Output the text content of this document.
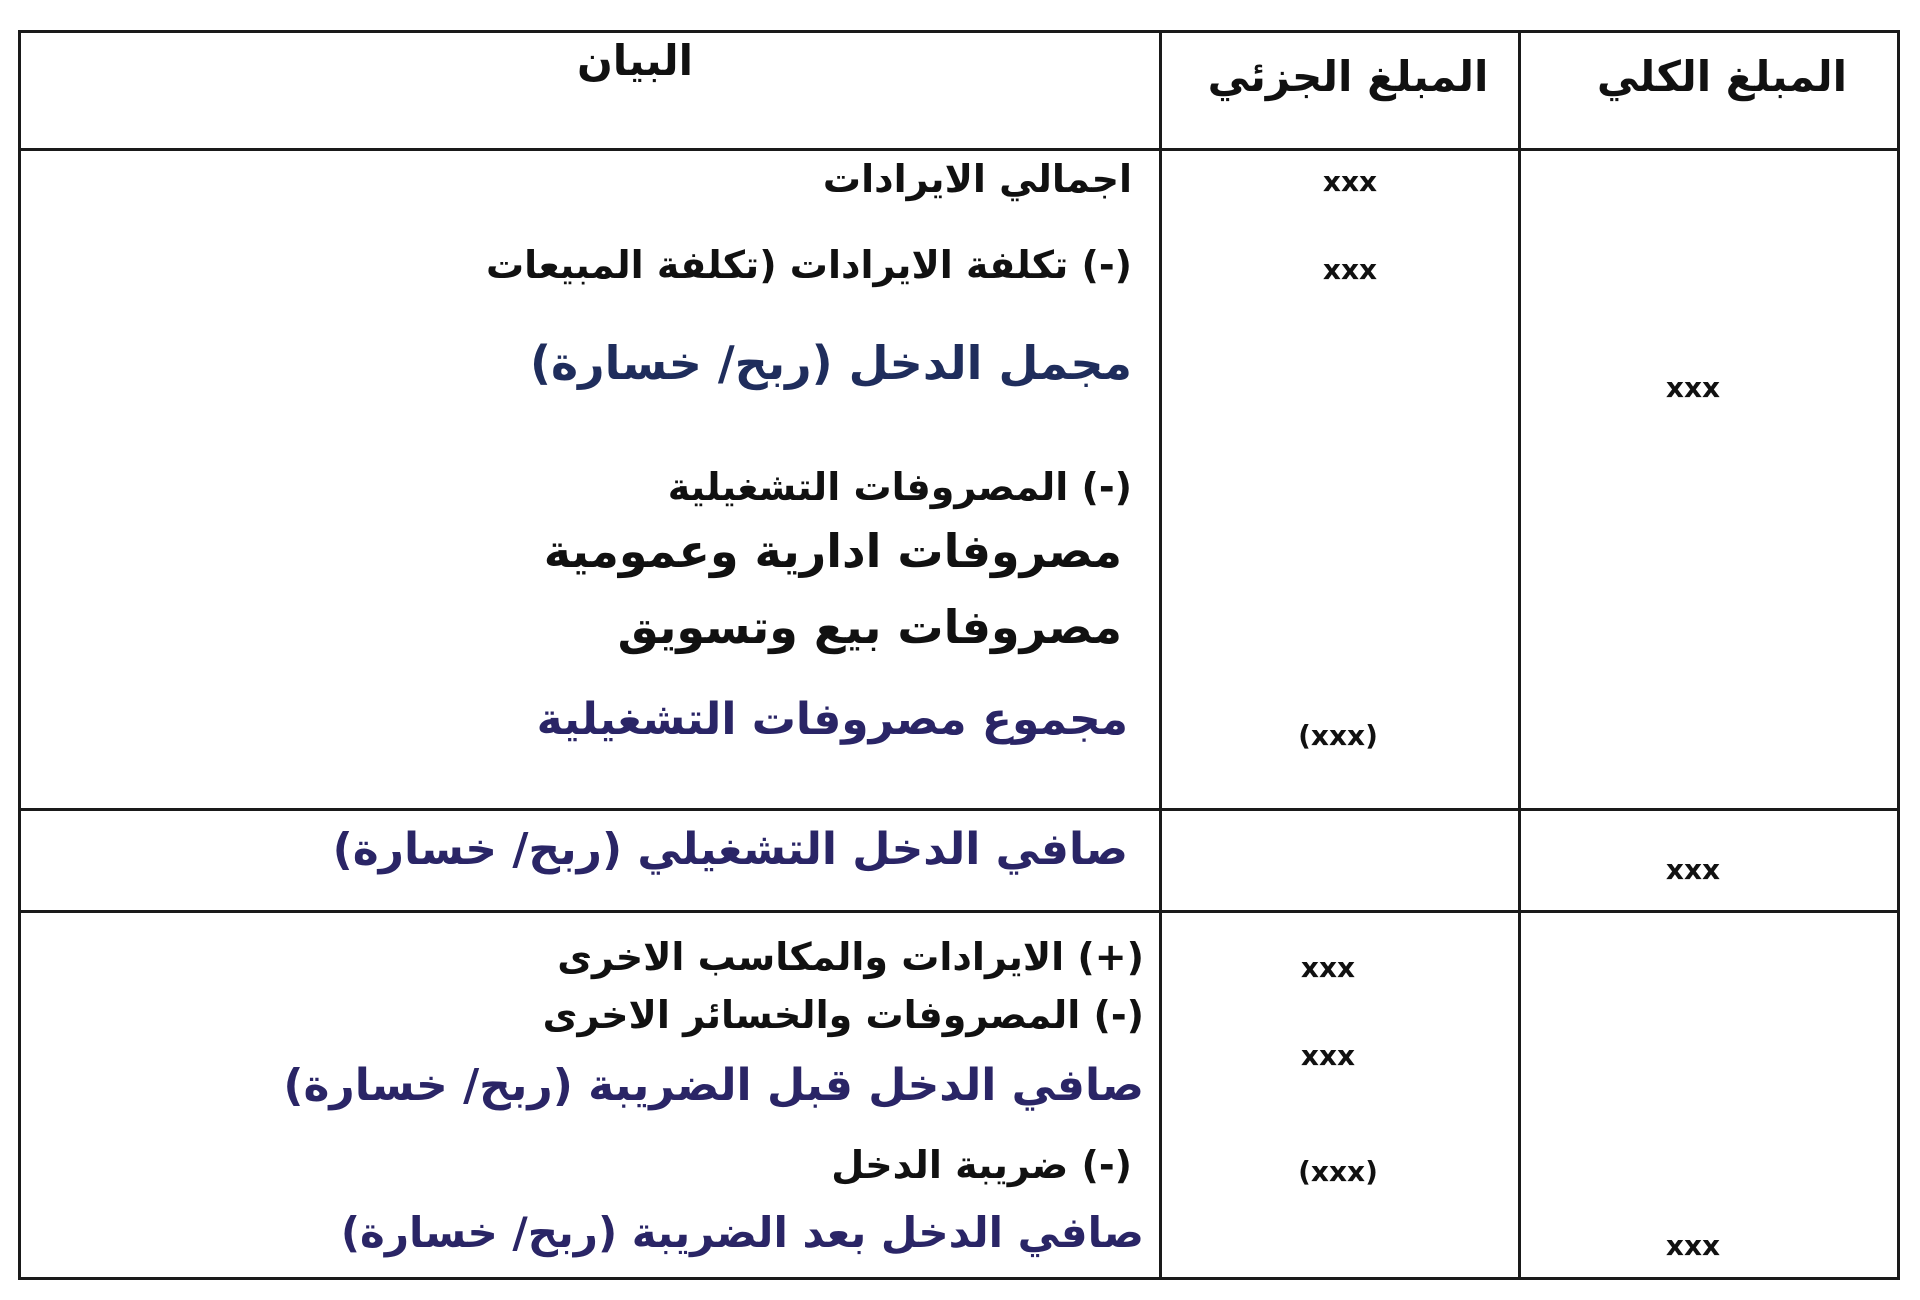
البيان	المبلغ الجزئي	المبلغ الكلي
اجمالي الايرادات
(-) تكلفة الايرادات (تكلفة المبيعات
مجمل الدخل (ربح/ خسارة)
(-) المصروفات التشغيلية
مصروفات ادارية وعمومية
مصروفات بيع وتسويق
مجموع مصروفات التشغيلية
صافي الدخل التشغيلي (ربح/ خسارة)
(+) الايرادات والمكاسب الاخرى
(-) المصروفات والخسائر الاخرى
صافي الدخل قبل الضريبة (ربح/ خسارة)
(-) ضريبة الدخل
صافي الدخل بعد الضريبة (ربح/ خسارة)
xxx
xxx
(xxx)
xxx
xxx
(xxx)
xxx
xxx
xxx
